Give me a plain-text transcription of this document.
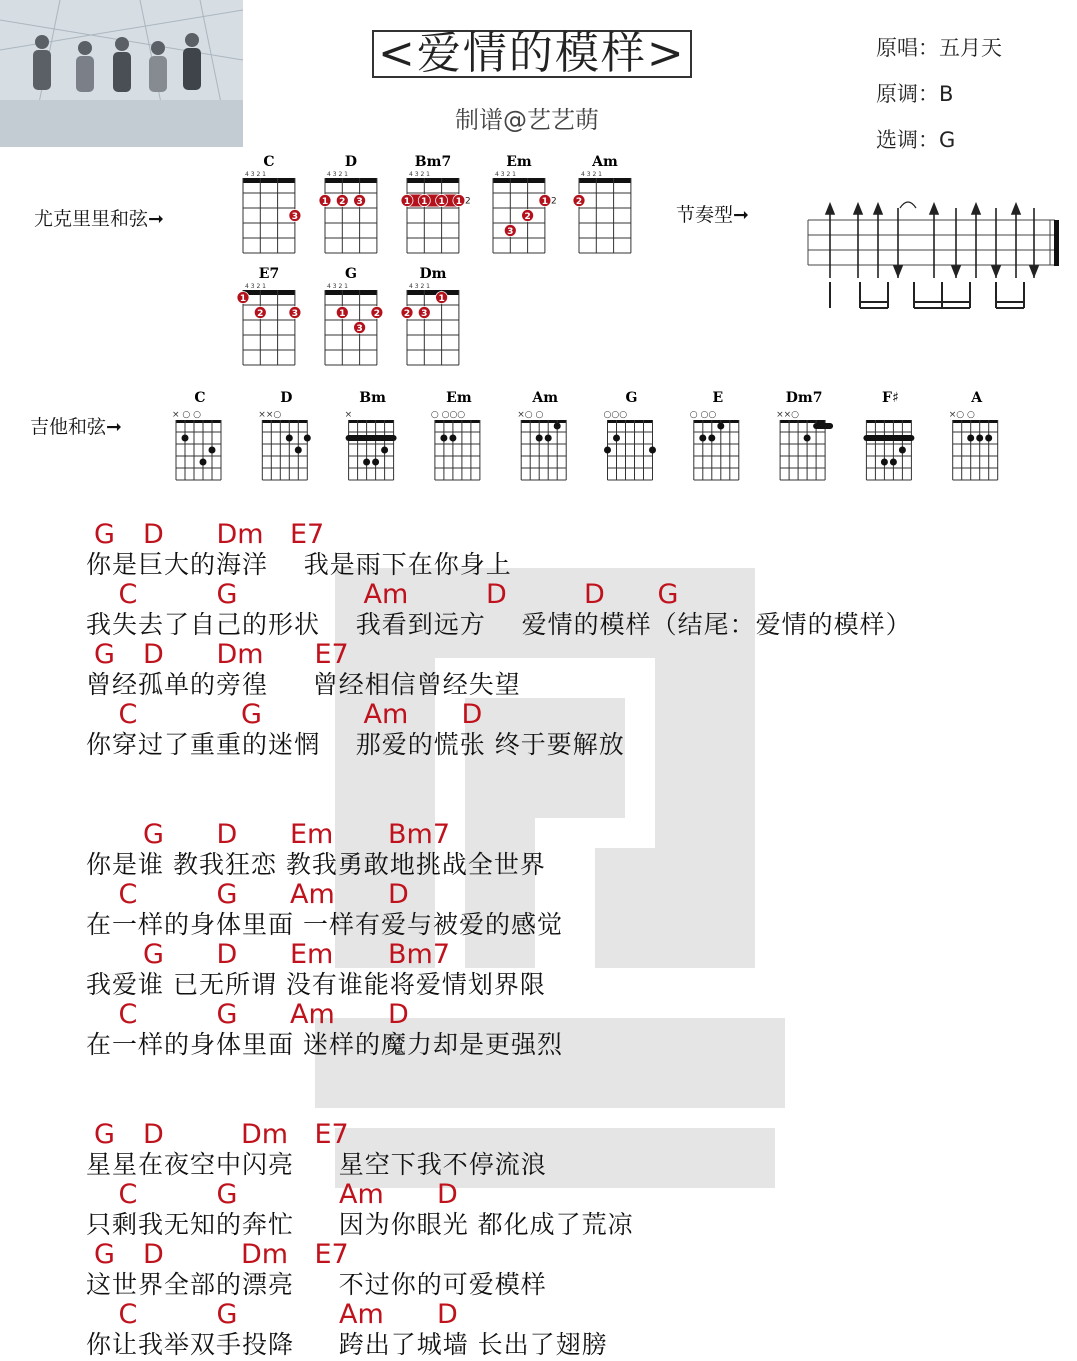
<爱情的模样>
制谱@艺艺萌
原唱：五月天
原调：B
选调：G
尤克里里和弦➞	节奏型➞
吉他和弦➞
C
4 3 2 1
3
D
4 3 2 1
1 2 3
Bm7
4 3 2 1
1 1 1 1 2
Em
4 3 2 1
1
2
3
2
Am
4 3 2 1
2
E7
4 3 2 1
1
2	3
G
4 3 2 1
1	2
3
Dm
4 3 2 1
1
2 3
C
× ○ ○
D
××○
Bm
×
Em
○ ○○○
Am
×○ ○
G
○○○
E
○ ○○
Dm7
××○
F♯	A
×○ ○
你是巨大的海洋    我是雨下在你身上
G D Dm E7
我失去了自己的形状    我看到远方    爱情的模样（结尾：爱情的模样）
C	G	Am	D	D G
曾经孤单的旁徨     曾经相信曾经失望
G D Dm E7
你穿过了重重的迷惘    那爱的慌张 终于要解放
C	G	Am D
你是谁 教我狂恋 教我勇敢地挑战全世界
G D Em Bm7
在一样的身体里面 一样有爱与被爱的感觉
C	G Am D
我爱谁 已无所谓 没有谁能将爱情划界限
G D Em Bm7
在一样的身体里面 迷样的魔力却是更强烈
C	G Am D
星星在夜空中闪亮     星空下我不停流浪
G D	Dm E7
只剩我无知的奔忙     因为你眼光 都化成了荒凉
C	G	Am D
这世界全部的漂亮     不过你的可爱模样
G D	Dm E7
你让我举双手投降     跨出了城墙 长出了翅膀
C	G	Am D
